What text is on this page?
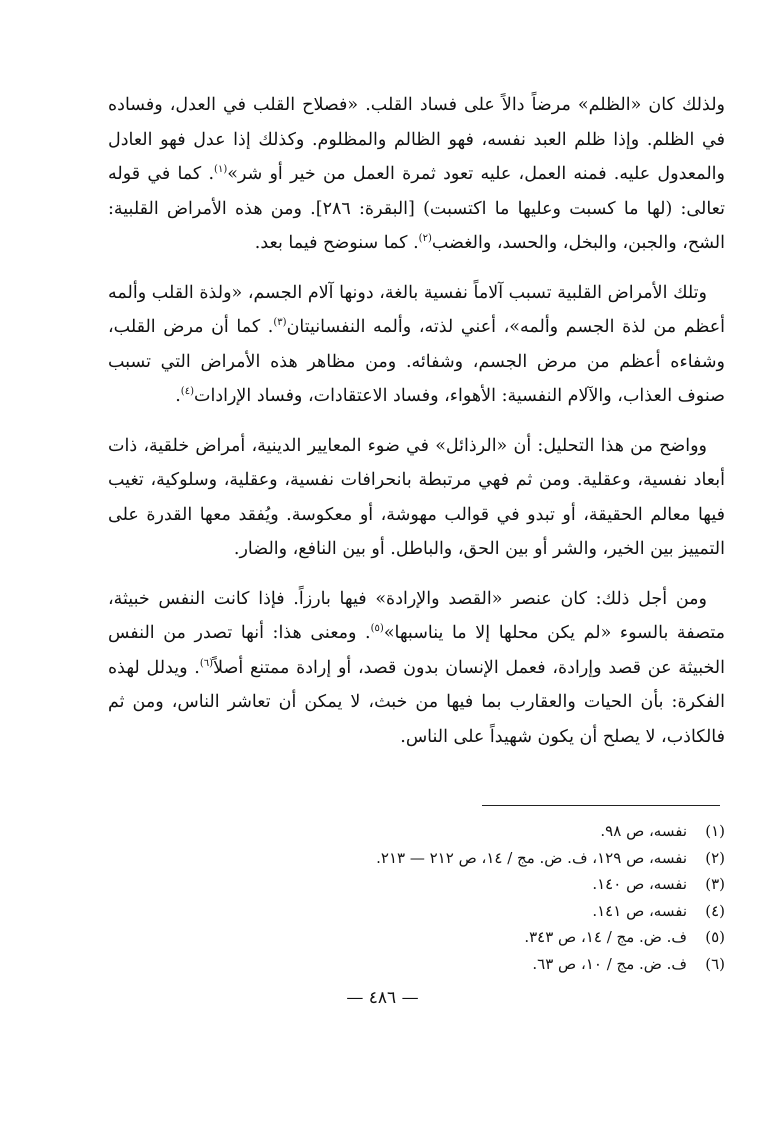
ولذلك كان «الظلم» مرضاً دالاً على فساد القلب. «فصلاح القلب في العدل، وفساده في الظلم. وإذا ظلم العبد نفسه، فهو الظالم والمظلوم. وكذلك إذا عدل فهو العادل والمعدول عليه. فمنه العمل، عليه تعود ثمرة العمل من خير أو شر»$^{(١)}$. كما في قوله تعالى: (لها ما كسبت وعليها ما اكتسبت) [البقرة: ٢٨٦]. ومن هذه الأمراض القلبية: الشح، والجبن، والبخل، والحسد، والغضب$^{(٢)}$. كما سنوضح فيما بعد.

وتلك الأمراض القلبية تسبب آلاماً نفسية بالغة، دونها آلام الجسم، «ولذة القلب وألمه أعظم من لذة الجسم وألمه»، أعني لذته، وألمه النفسانيتان$^{(٣)}$. كما أن مرض القلب، وشفاءه أعظم من مرض الجسم، وشفائه. ومن مظاهر هذه الأمراض التي تسبب صنوف العذاب، والآلام النفسية: الأهواء، وفساد الاعتقادات، وفساد الإرادات$^{(٤)}$.

وواضح من هذا التحليل: أن «الرذائل» في ضوء المعايير الدينية، أمراض خلقية، ذات أبعاد نفسية، وعقلية. ومن ثم فهي مرتبطة بانحرافات نفسية، وعقلية، وسلوكية، تغيب فيها معالم الحقيقة، أو تبدو في قوالب مهوشة، أو معكوسة. ويُفقد معها القدرة على التمييز بين الخير، والشر أو بين الحق، والباطل. أو بين النافع، والضار.

ومن أجل ذلك: كان عنصر «القصد والإرادة» فيها بارزاً. فإذا كانت النفس خبيثة، متصفة بالسوء «لم يكن محلها إلا ما يناسبها»$^{(٥)}$. ومعنى هذا: أنها تصدر من النفس الخبيثة عن قصد وإرادة، فعمل الإنسان بدون قصد، أو إرادة ممتنع أصلاً$^{(٦)}$. ويدلل لهذه الفكرة: بأن الحيات والعقارب بما فيها من خبث، لا يمكن أن تعاشر الناس، ومن ثم فالكاذب، لا يصلح أن يكون شهيداً على الناس.

(١)
نفسه، ص ٩٨.
(٢)
نفسه، ص ١٢٩، ف. ض. مج / ١٤، ص ٢١٢ — ٢١٣.
(٣)
نفسه، ص ١٤٠.
(٤)
نفسه، ص ١٤١.
(٥)
ف. ض. مج / ١٤، ص ٣٤٣.
(٦)
ف. ض. مج / ١٠، ص ٦٣.
— ٤٨٦ —
